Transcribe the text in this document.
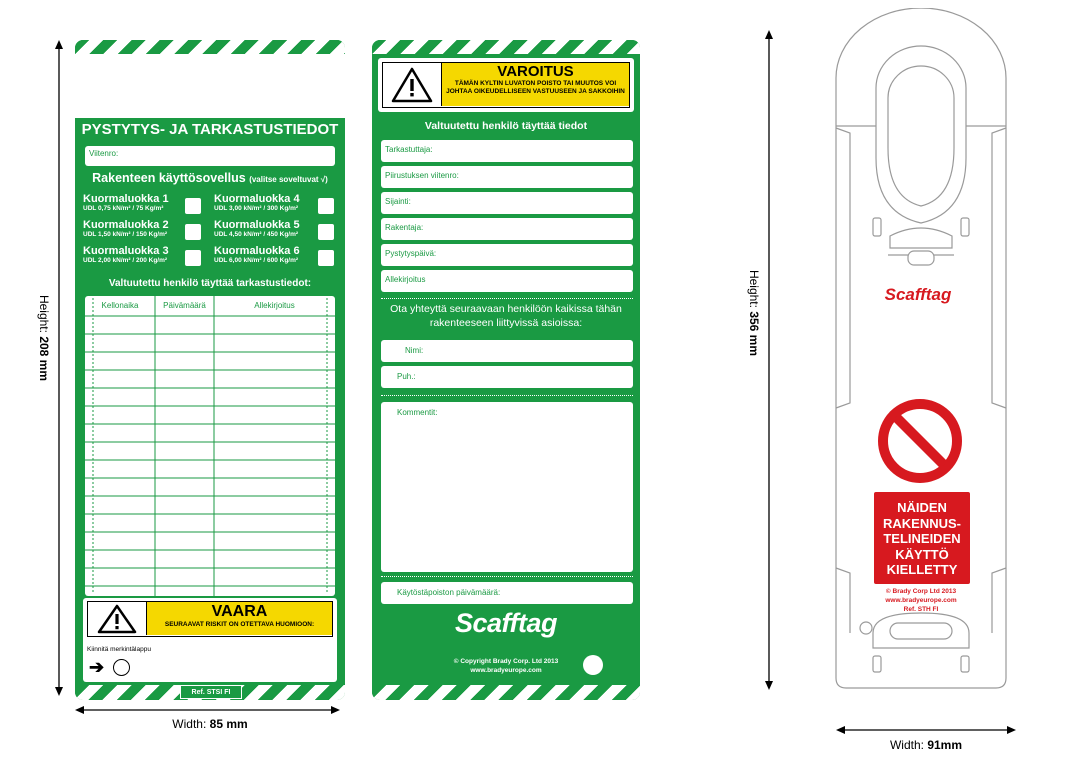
Height: 208 mm
Width: 85 mm
PYSTYTYS- JA TARKASTUSTIEDOT
Viitenro:
Rakenteen käyttösovellus (valitse soveltuvat √)
Kuormaluokka 1
UDL 0,75 kN/m² / 75 Kg/m²
Kuormaluokka 2
UDL 1,50 kN/m² / 150 Kg/m²
Kuormaluokka 3
UDL 2,00 kN/m² / 200 Kg/m²
Kuormaluokka 4
UDL 3,00 kN/m² / 300 Kg/m²
Kuormaluokka 5
UDL 4,50 kN/m² / 450 Kg/m²
Kuormaluokka 6
UDL 6,00 kN/m² / 600 Kg/m²
Valtuutettu henkilö täyttää tarkastustiedot:
Kellonaika	Päivämäärä	Allekirjoitus
VAARA
SEURAAVAT RISKIT ON OTETTAVA HUOMIOON:
Kiinnitä merkintälappu
➔
Ref. STSI FI
VAROITUS
TÄMÄN KYLTIN LUVATON POISTO TAI MUUTOS VOI JOHTAA OIKEUDELLISEEN VASTUUSEEN JA SAKKOIHIN
Valtuutettu henkilö täyttää tiedot
Tarkastuttaja:
Piirustuksen viitenro:
Sijainti:
Rakentaja:
Pystytyspäivä:
Allekirjoitus
Ota yhteyttä seuraavaan henkilöön kaikissa tähän rakenteeseen liittyvissä asioissa:
Nimi:
Puh.:
Kommentit:
Käytöstäpoiston päivämäärä:
Scafftag
© Copyright Brady Corp. Ltd 2013
www.bradyeurope.com
Height: 356 mm
Width: 91mm
Scafftag
NÄIDEN
RAKENNUS-
TELINEIDEN
KÄYTTÖ
KIELLETTY
© Brady Corp Ltd 2013
www.bradyeurope.com
Ref. STH FI
